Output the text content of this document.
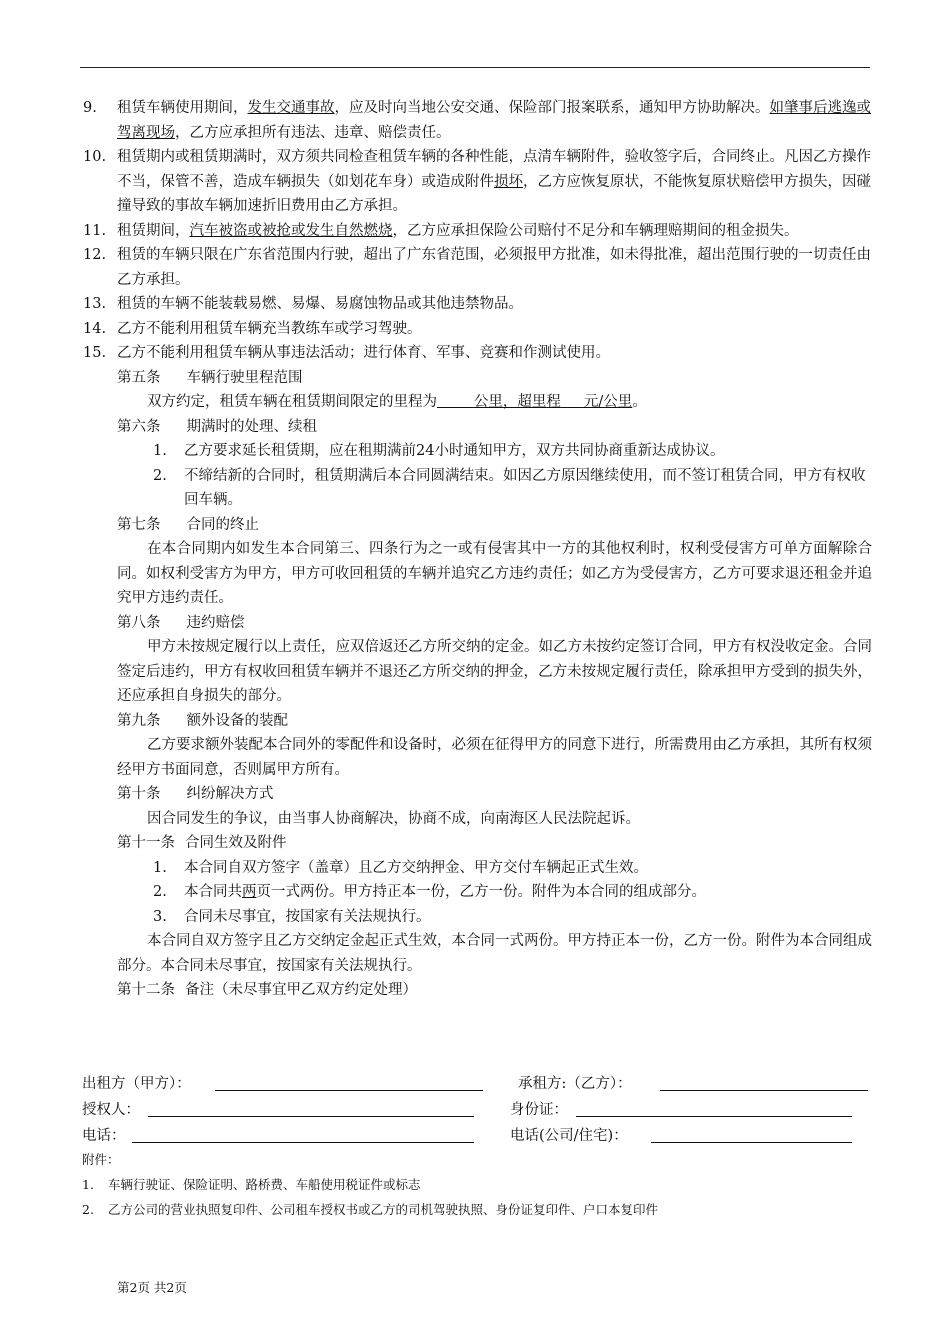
9. 租赁车辆使用期间，发生交通事故，应及时向当地公安交通、保险部门报案联系，通知甲方协助解决。如肇事后逃逸或驾离现场，乙方应承担所有违法、违章、赔偿责任。
10. 租赁期内或租赁期满时，双方须共同检查租赁车辆的各种性能，点清车辆附件，验收签字后，合同终止。凡因乙方操作不当，保管不善，造成车辆损失（如划花车身）或造成附件损坏，乙方应恢复原状，不能恢复原状赔偿甲方损失，因碰撞导致的事故车辆加速折旧费用由乙方承担。
11. 租赁期间，汽车被盗或被抢或发生自然燃烧，乙方应承担保险公司赔付不足分和车辆理赔期间的租金损失。
12. 租赁的车辆只限在广东省范围内行驶，超出了广东省范围，必须报甲方批准，如未得批准，超出范围行驶的一切责任由乙方承担。
13. 租赁的车辆不能装载易燃、易爆、易腐蚀物品或其他违禁物品。
14. 乙方不能利用租赁车辆充当教练车或学习驾驶。
15. 乙方不能利用租赁车辆从事违法活动；进行体育、军事、竞赛和作测试使用。
第五条 车辆行驶里程范围
双方约定，租赁车辆在租赁期间限定的里程为	公里，超里程 元/公里。
第六条 期满时的处理、续租
1. 乙方要求延长租赁期，应在租期满前24小时通知甲方，双方共同协商重新达成协议。
2. 不缔结新的合同时，租赁期满后本合同圆满结束。如因乙方原因继续使用，而不签订租赁合同，甲方有权收回车辆。
第七条 合同的终止
在本合同期内如发生本合同第三、四条行为之一或有侵害其中一方的其他权利时，权利受侵害方可单方面解除合同。如权利受害方为甲方，甲方可收回租赁的车辆并追究乙方违约责任；如乙方为受侵害方，乙方可要求退还租金并追究甲方违约责任。
第八条 违约赔偿
甲方未按规定履行以上责任，应双倍返还乙方所交纳的定金。如乙方未按约定签订合同，甲方有权没收定金。合同签定后违约，甲方有权收回租赁车辆并不退还乙方所交纳的押金，乙方未按规定履行责任，除承担甲方受到的损失外，还应承担自身损失的部分。
第九条 额外设备的装配
乙方要求额外装配本合同外的零配件和设备时，必须在征得甲方的同意下进行，所需费用由乙方承担，其所有权须经甲方书面同意，否则属甲方所有。
第十条 纠纷解决方式
因合同发生的争议，由当事人协商解决，协商不成，向南海区人民法院起诉。
第十一条 合同生效及附件
1. 本合同自双方签字（盖章）且乙方交纳押金、甲方交付车辆起正式生效。
2. 本合同共两页一式两份。甲方持正本一份，乙方一份。附件为本合同的组成部分。
3. 合同未尽事宜，按国家有关法规执行。
本合同自双方签字且乙方交纳定金起正式生效，本合同一式两份。甲方持正本一份，乙方一份。附件为本合同组成部分。本合同未尽事宜，按国家有关法规执行。
第十二条 备注（未尽事宜甲乙双方约定处理）
出租方（甲方）：	承租方:（乙方）：
授权人：	身份证：
电话：	电话(公司/住宅)：
附件：
1. 车辆行驶证、保险证明、路桥费、车船使用税证件或标志
2. 乙方公司的营业执照复印件、公司租车授权书或乙方的司机驾驶执照、身份证复印件、户口本复印件
第2页 共2页
